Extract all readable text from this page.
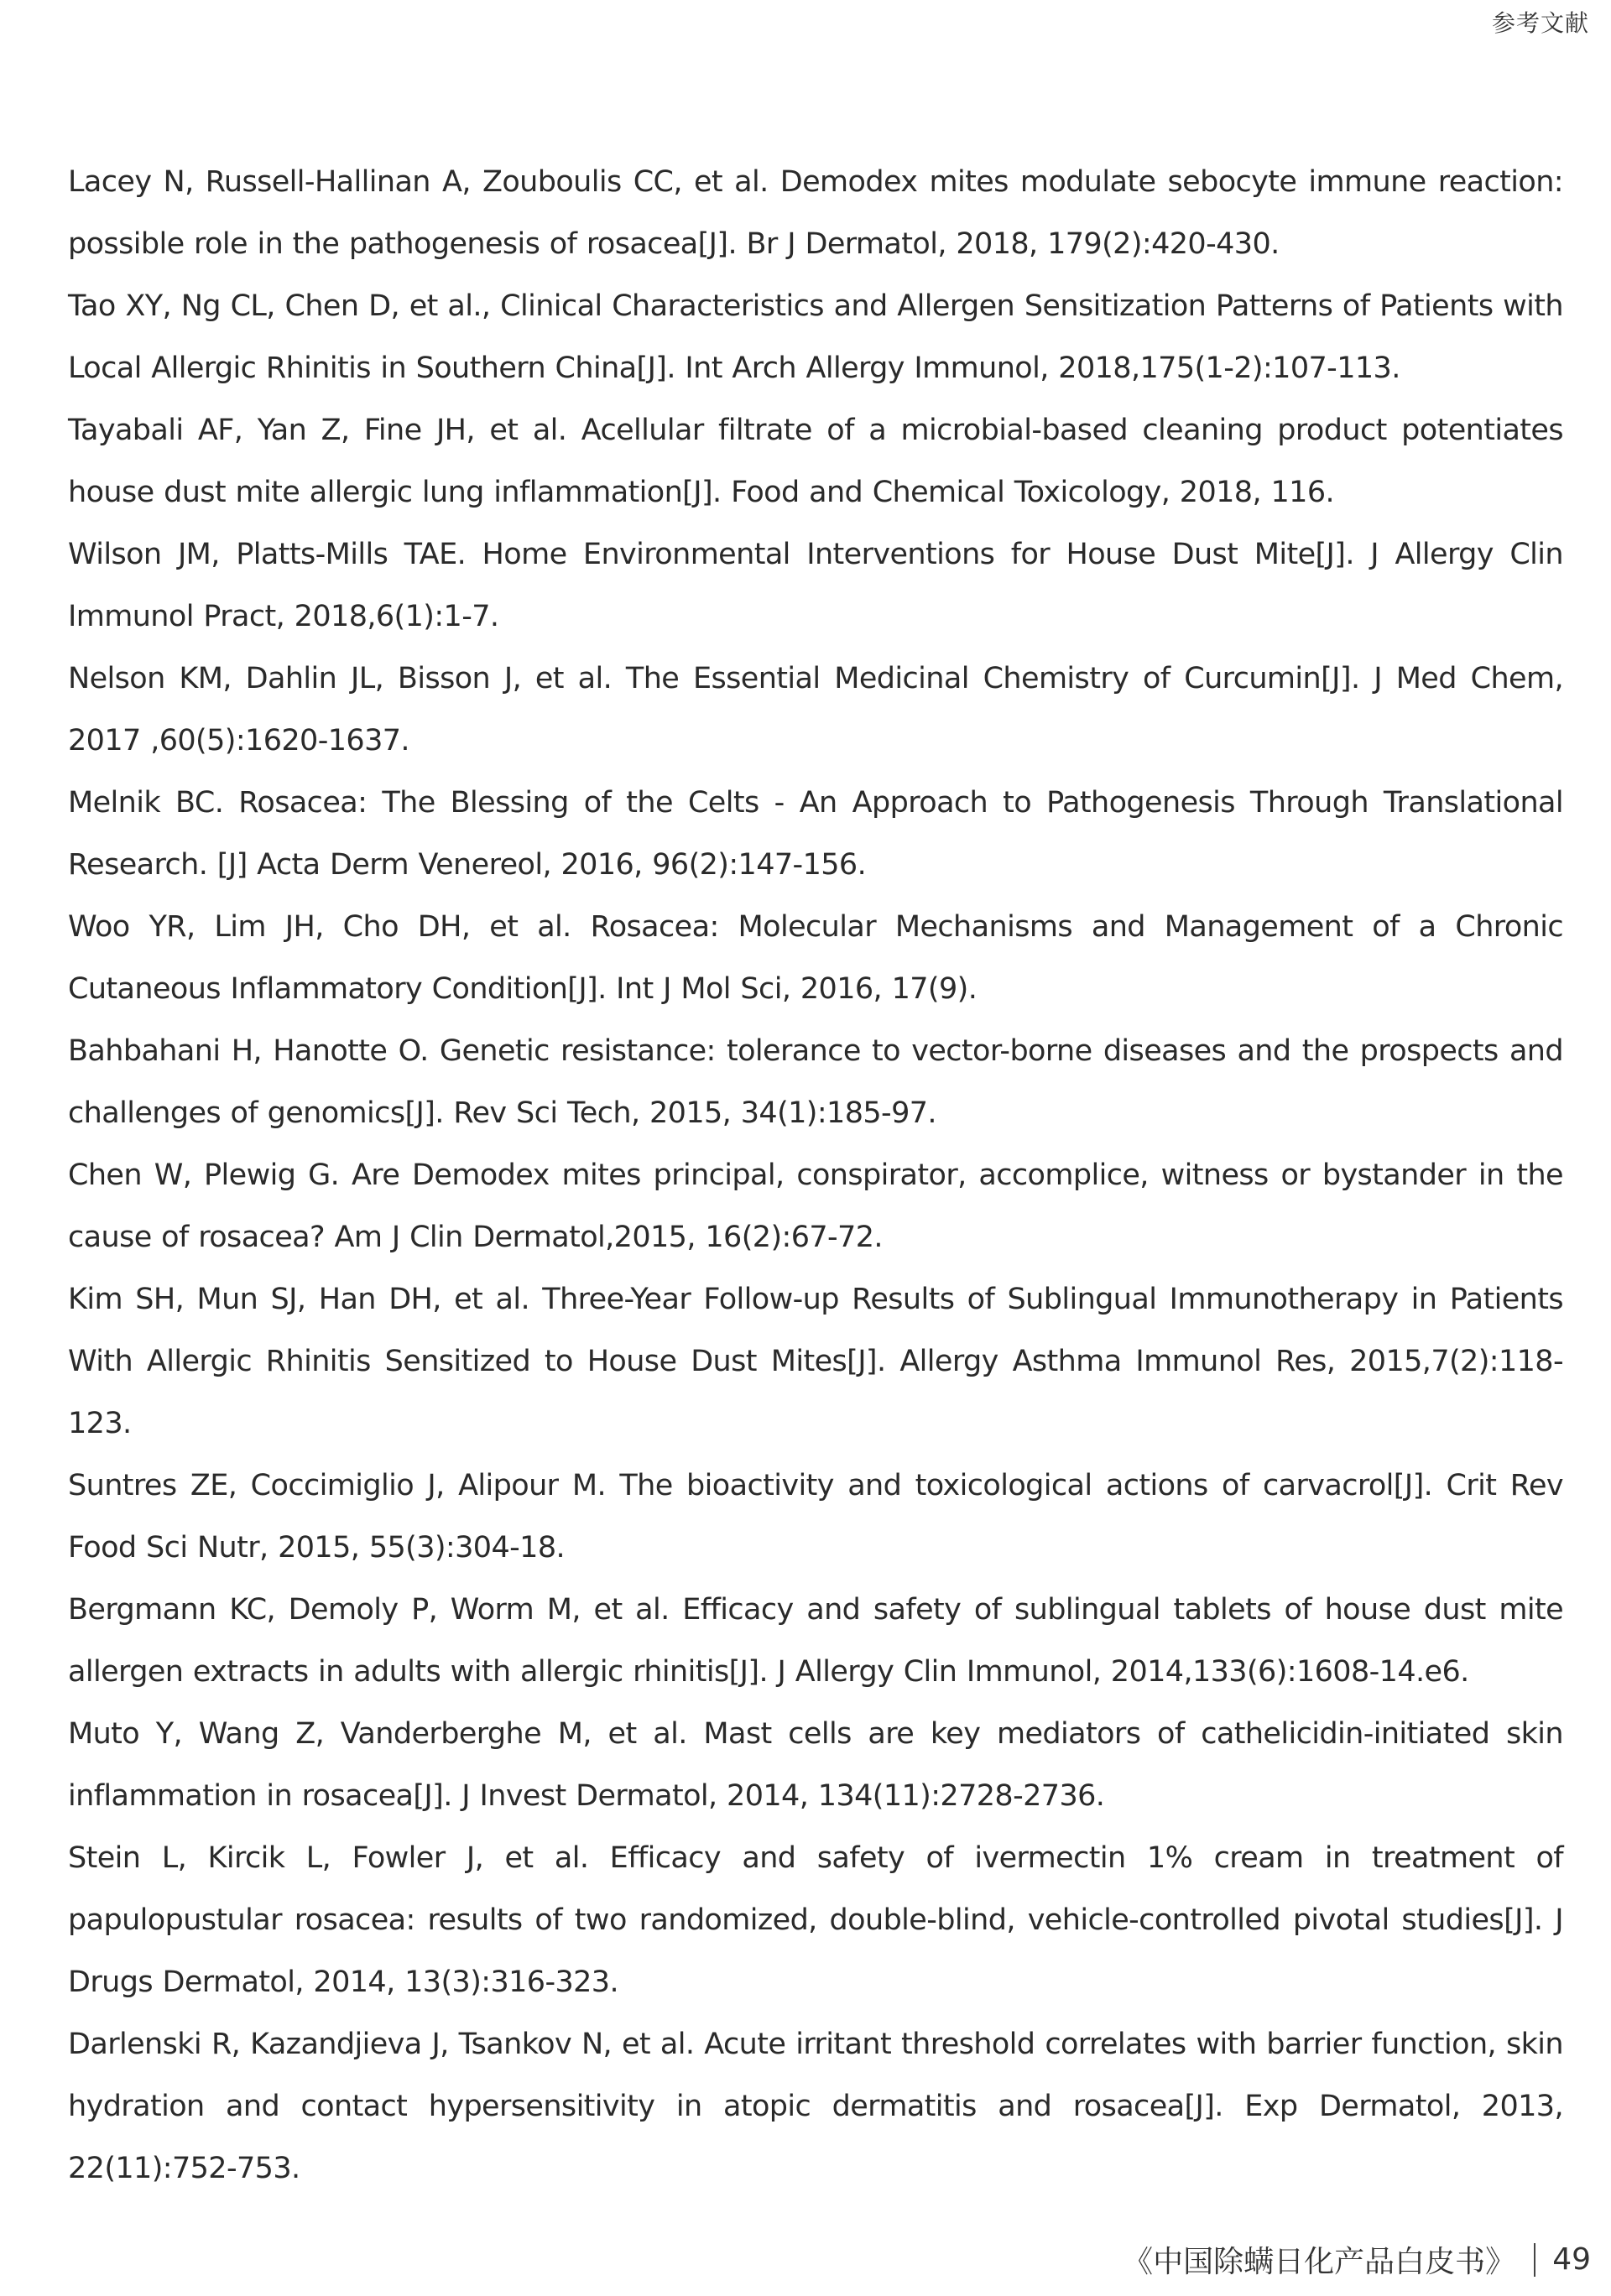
参考文献
Lacey N, Russell-Hallinan A, Zouboulis CC, et al. Demodex mites modulate sebocyte immune reaction: possible role in the pathogenesis of rosacea[J]. Br J Dermatol, 2018, 179(2):420-430.
Tao XY, Ng CL, Chen D, et al., Clinical Characteristics and Allergen Sensitization Patterns of Patients with Local Allergic Rhinitis in Southern China[J]. Int Arch Allergy Immunol, 2018,175(1-2):107-113.
Tayabali AF, Yan Z, Fine JH, et al. Acellular filtrate of a microbial-based cleaning product potentiates house dust mite allergic lung inflammation[J]. Food and Chemical Toxicology, 2018, 116.
Wilson JM, Platts-Mills TAE. Home Environmental Interventions for House Dust Mite[J]. J Allergy Clin Immunol Pract, 2018,6(1):1-7.
Nelson KM, Dahlin JL, Bisson J, et al. The Essential Medicinal Chemistry of Curcumin[J]. J Med Chem, 2017 ,60(5):1620-1637.
Melnik BC. Rosacea: The Blessing of the Celts - An Approach to Pathogenesis Through Translational Research. [J] Acta Derm Venereol, 2016, 96(2):147-156.
Woo YR, Lim JH, Cho DH, et al. Rosacea: Molecular Mechanisms and Management of a Chronic Cutaneous Inflammatory Condition[J]. Int J Mol Sci, 2016, 17(9).
Bahbahani H, Hanotte O. Genetic resistance: tolerance to vector-borne diseases and the prospects and challenges of genomics[J]. Rev Sci Tech, 2015, 34(1):185-97.
Chen W, Plewig G. Are Demodex mites principal, conspirator, accomplice, witness or bystander in the cause of rosacea? Am J Clin Dermatol,2015, 16(2):67-72.
Kim SH, Mun SJ, Han DH, et al. Three-Year Follow-up Results of Sublingual Immunotherapy in Patients With Allergic Rhinitis Sensitized to House Dust Mites[J]. Allergy Asthma Immunol Res, 2015,7(2):118-123.
Suntres ZE, Coccimiglio J, Alipour M. The bioactivity and toxicological actions of carvacrol[J]. Crit Rev Food Sci Nutr, 2015, 55(3):304-18.
Bergmann KC, Demoly P, Worm M, et al. Efficacy and safety of sublingual tablets of house dust mite allergen extracts in adults with allergic rhinitis[J]. J Allergy Clin Immunol, 2014,133(6):1608-14.e6.
Muto Y, Wang Z, Vanderberghe M, et al. Mast cells are key mediators of cathelicidin-initiated skin inflammation in rosacea[J]. J Invest Dermatol, 2014, 134(11):2728-2736.
Stein L, Kircik L, Fowler J, et al. Efficacy and safety of ivermectin 1% cream in treatment of papulopustular rosacea: results of two randomized, double-blind, vehicle-controlled pivotal studies[J]. J Drugs Dermatol, 2014, 13(3):316-323.
Darlenski R, Kazandjieva J, Tsankov N, et al. Acute irritant threshold correlates with barrier function, skin hydration and contact hypersensitivity in atopic dermatitis and rosacea[J]. Exp Dermatol, 2013, 22(11):752-753.
《中国除螨日化产品白皮书》 49
